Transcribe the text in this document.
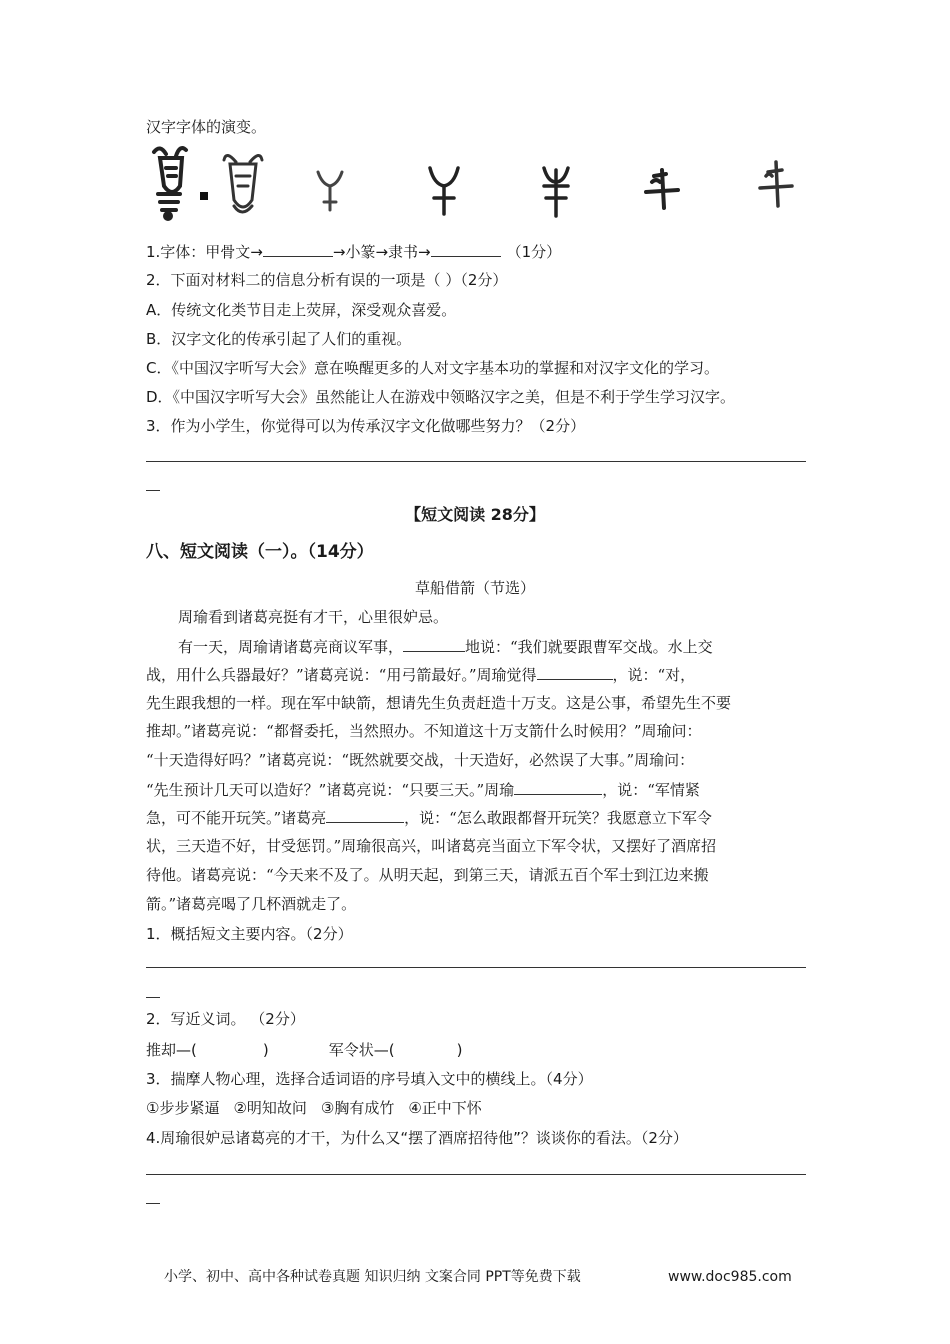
汉字字体的演变。
1.字体：甲骨文→	→小篆→隶书→	（1分）
2．下面对材料二的信息分析有误的一项是（ ）（2分）
A．传统文化类节目走上荧屏，深受观众喜爱。
B．汉字文化的传承引起了人们的重视。
C．《中国汉字听写大会》意在唤醒更多的人对文字基本功的掌握和对汉字文化的学习。
D．《中国汉字听写大会》虽然能让人在游戏中领略汉字之美，但是不利于学生学习汉字。
3．作为小学生，你觉得可以为传承汉字文化做哪些努力？（2分）
【短文阅读 28分】
八、短文阅读（一）。（14分）
草船借箭（节选）
周瑜看到诸葛亮挺有才干，心里很妒忌。
有一天，周瑜请诸葛亮商议军事，	地说：“我们就要跟曹军交战。水上交
战，用什么兵器最好？”诸葛亮说：“用弓箭最好。”周瑜觉得	，说：“对，
先生跟我想的一样。现在军中缺箭，想请先生负责赶造十万支。这是公事，希望先生不要
推却。”诸葛亮说：“都督委托，当然照办。不知道这十万支箭什么时候用？”周瑜问：
“十天造得好吗？”诸葛亮说：“既然就要交战，十天造好，必然误了大事。”周瑜问：
“先生预计几天可以造好？”诸葛亮说：“只要三天。”周瑜	，说：“军情紧
急，可不能开玩笑。”诸葛亮	，说：“怎么敢跟都督开玩笑？我愿意立下军令
状，三天造不好，甘受惩罚。”周瑜很高兴，叫诸葛亮当面立下军令状，又摆好了酒席招
待他。诸葛亮说：“今天来不及了。从明天起，到第三天，请派五百个军士到江边来搬
箭。”诸葛亮喝了几杯酒就走了。
1．概括短文主要内容。（2分）
2．写近义词。 （2分）
推却—(	)	军令状—(	)
3．揣摩人物心理，选择合适词语的序号填入文中的横线上。（4分）
①步步紧逼 ②明知故问 ③胸有成竹 ④正中下怀
4.周瑜很妒忌诸葛亮的才干，为什么又“摆了酒席招待他”？谈谈你的看法。（2分）
小学、初中、高中各种试卷真题 知识归纳 文案合同 PPT等免费下载	www.doc985.com
